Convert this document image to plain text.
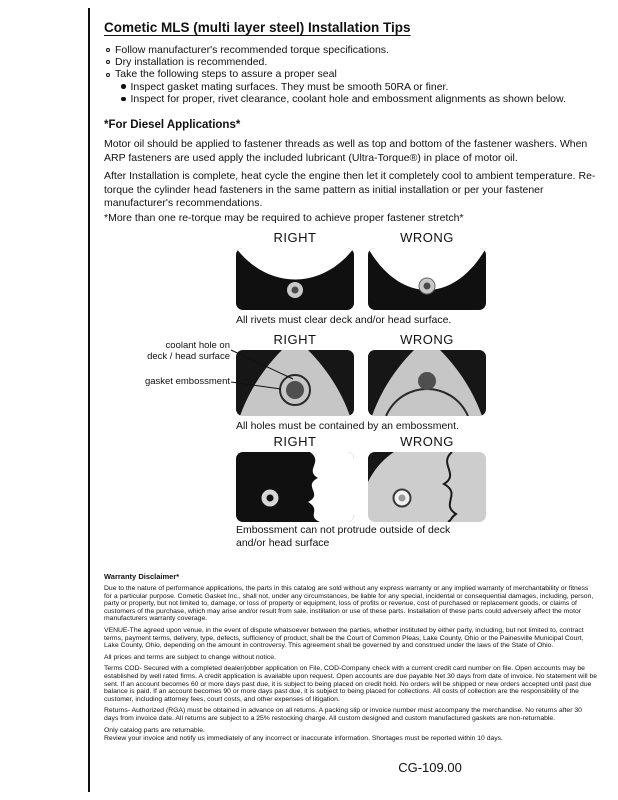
Cometic MLS (multi layer steel) Installation Tips
Follow manufacturer's recommended torque specifications.
Dry installation is recommended.
Take the following steps to assure a proper seal
Inspect gasket mating surfaces. They must be smooth 50RA or finer.
Inspect for proper, rivet clearance, coolant hole and embossment alignments as shown below.
*For Diesel Applications*
Motor oil should be applied to fastener threads as well as top and bottom of the fastener washers. When ARP fasteners are used apply the included lubricant (Ultra-Torque®) in place of motor oil.
After Installation is complete, heat cycle the engine then let it completely cool to ambient temperature. Re-torque the cylinder head fasteners in the same pattern as initial installation or per your fastener manufacturer's recommendations.
*More than one re-torque may be required to achieve proper fastener stretch*
RIGHT	WRONG
All rivets must clear deck and/or head surface.
RIGHT	WRONG
coolant hole on
deck / head surface
gasket embossment
All holes must be contained by an embossment.
RIGHT	WRONG
Embossment can not protrude outside of deck and/or head surface
Warranty Disclaimer*

Due to the nature of performance applications, the parts in this catalog are sold without any express warranty or any implied warranty of merchantability or fitness for a particular purpose. Cometic Gasket Inc., shall not, under any circumstances, be liable for any special, incidental or consequential damages, including, person, party or property, but not limited to, damage, or loss of property or equipment, loss of profits or revenue, cost of purchased or replacement goods, or claims of customers of the purchase, which may arise and/or result from sale, instillation or use of these parts. Installation of these parts could adversely affect the motor manufacturers warranty coverage.

VENUE-The agreed upon venue, in the event of dispute whatsoever between the parties, whether instituted by either party, including, but not limited to, contract terms, payment terms, delivery, type, defects, sufficiency of product, shall be the Court of Common Pleas, Lake County, Ohio or the Painesville Municipal Court, Lake County, Ohio, depending on the amount in controversy. This agreement shall be governed by and construed under the laws of the State of Ohio.

All prices and terms are subject to change without notice.

Terms COD- Secured with a completed dealer/jobber application on File, COD-Company check with a current credit card number on file. Open accounts may be established by well rated firms. A credit application is available upon request. Open accounts are due payable Net 30 days from date of invoice. No statement will be sent. If an account becomes 60 or more days past due, it is subject to being placed on credit hold. No orders will be shipped or new orders accepted until past due balance is paid. If an account becomes 90 or more days past due, it is subject to being placed for collections. All costs of collection are the responsibility of the customer, including attorney fees, court costs, and other expenses of litigation.

Returns- Authorized (RGA) must be obtained in advance on all returns. A packing slip or invoice number must accompany the merchandise. No returns after 30 days from invoice date. All returns are subject to a 25% restocking charge. All custom designed and custom manufactured gaskets are non-returnable.

Only catalog parts are returnable.

Review your invoice and notify us immediately of any incorrect or inaccurate information. Shortages must be reported within 10 days.

CG-109.00
